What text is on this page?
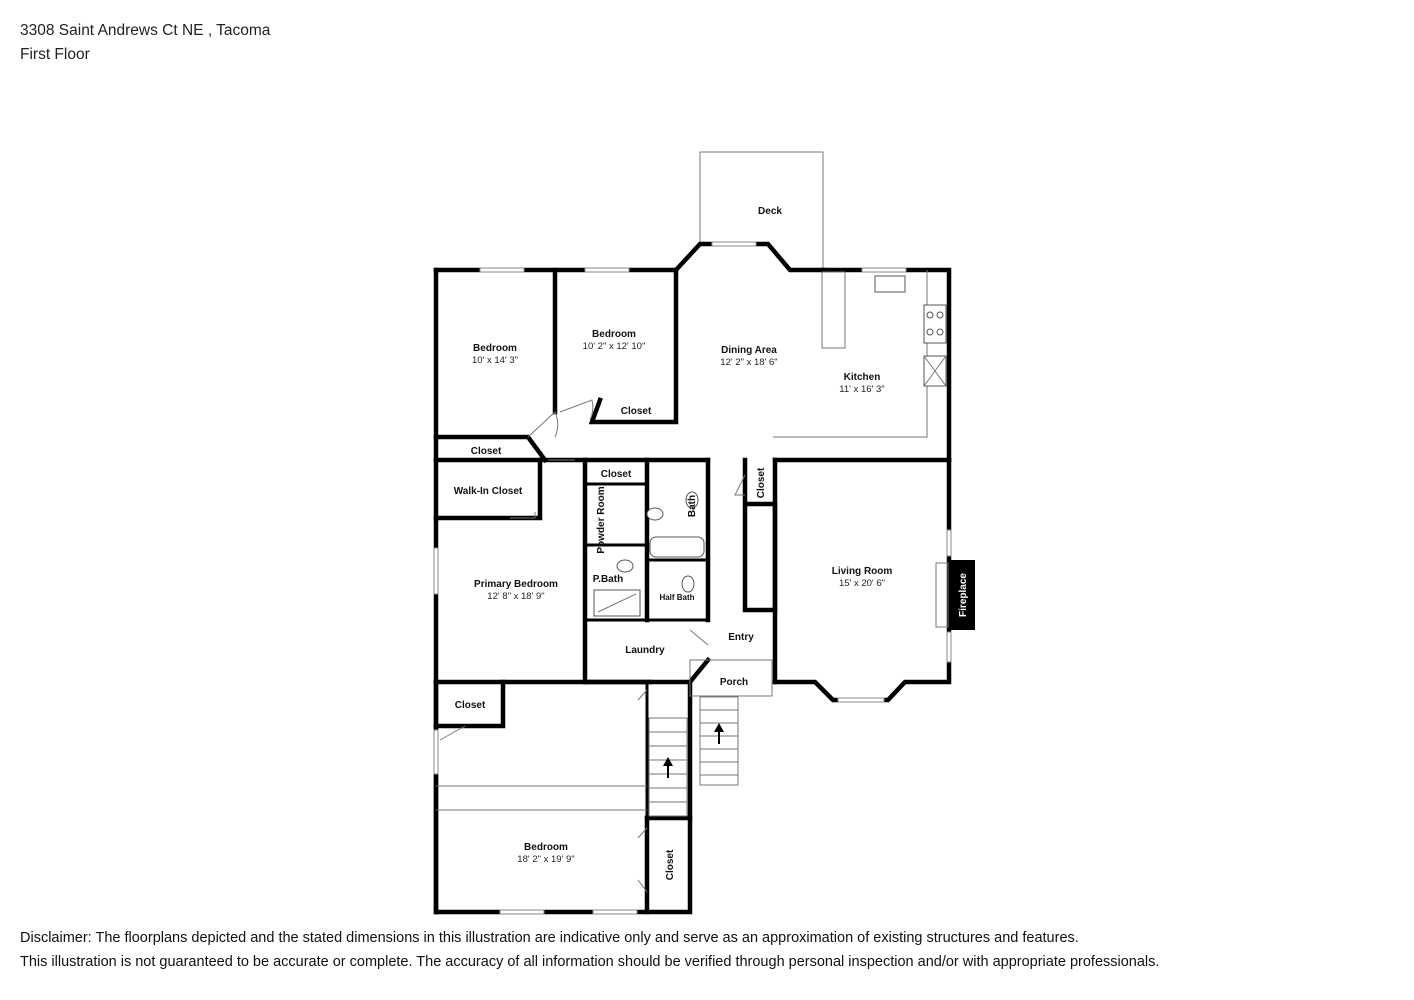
3308 Saint Andrews Ct NE , Tacoma
First Floor
Fireplace
Deck
Bedroom
10' x 14' 3"
Bedroom
10' 2" x 12' 10"	Dining Area
12' 2" x 18' 6"
Kitchen
11' x 16' 3"
Closet
Closet
Closet
Walk-In Closet	Powder Room	Bath
Closet
Living Room
15' x 20' 6"
Primary Bedroom
12' 8" x 18' 9"
P.Bath
Half Bath
Laundry
Entry
Porch
Closet
Bedroom
18' 2" x 19' 9"	Closet
Disclaimer: The floorplans depicted and the stated dimensions in this illustration are indicative only and serve as an approximation of existing structures and features.
This illustration is not guaranteed to be accurate or complete. The accuracy of all information should be verified through personal inspection and/or with appropriate professionals.
